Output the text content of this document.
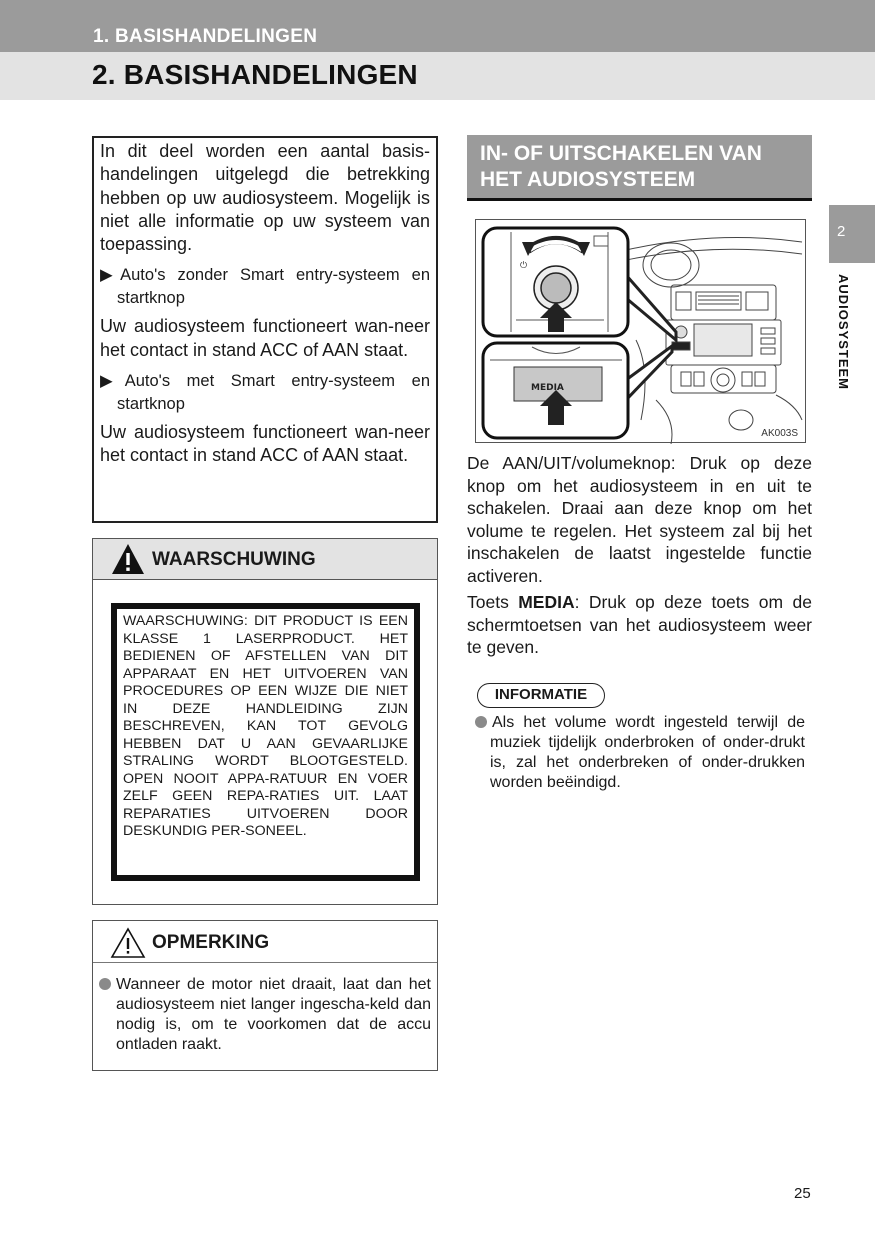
1. BASISHANDELINGEN
2. BASISHANDELINGEN
2
AUDIOSYSTEEM

In dit deel worden een aantal basis-handelingen uitgelegd die betrekking hebben op uw audiosysteem. Mogelijk is niet alle informatie op uw systeem van toepassing.

▶Auto's zonder Smart entry-systeem en startknop

Uw audiosysteem functioneert wan-neer het contact in stand ACC of AAN staat.

▶Auto's met Smart entry-systeem en startknop

Uw audiosysteem functioneert wan-neer het contact in stand ACC of AAN staat.

WAARSCHUWING
WAARSCHUWING: DIT PRODUCT IS EEN KLASSE 1 LASERPRODUCT. HET BEDIENEN OF AFSTELLEN VAN DIT APPARAAT EN HET UITVOEREN VAN PROCEDURES OP EEN WIJZE DIE NIET IN DEZE HANDLEIDING ZIJN BESCHREVEN, KAN TOT GEVOLG HEBBEN DAT U AAN GEVAARLIJKE STRALING WORDT BLOOTGESTELD. OPEN NOOIT APPA-RATUUR EN VOER ZELF GEEN REPA-RATIES UIT. LAAT REPARATIES UITVOEREN DOOR DESKUNDIG PER-SONEEL.
OPMERKING

Wanneer de motor niet draait, laat dan het audiosysteem niet langer ingescha-keld dan nodig is, om te voorkomen dat de accu ontladen raakt.

IN- OF UITSCHAKELEN VAN HET AUDIOSYSTEEM
⏻
MEDIA
AK003S

De AAN/UIT/volumeknop: Druk op deze knop om het audiosysteem in en uit te schakelen. Draai aan deze knop om het volume te regelen. Het systeem zal bij het inschakelen de laatst ingestelde functie activeren.

Toets MEDIA: Druk op deze toets om de schermtoetsen van het audiosysteem weer te geven.

INFORMATIE

Als het volume wordt ingesteld terwijl de muziek tijdelijk onderbroken of onder-drukt is, zal het onderbreken of onder-drukken worden beëindigd.

25
